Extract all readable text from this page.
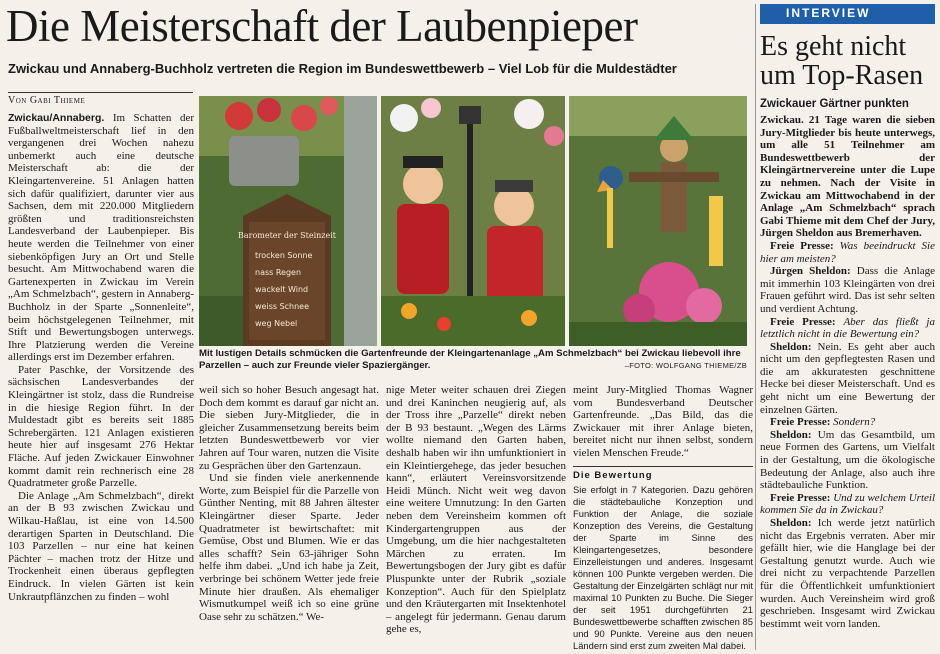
Die Meisterschaft der Laubenpieper
Zwickau und Annaberg-Buchholz vertreten die Region im Bundeswettbewerb – Viel Lob für die Muldestädter
Von Gabi Thieme

Zwickau/Annaberg. Im Schatten der Fußballweltmeisterschaft lief in den vergangenen drei Wochen nahezu unbemerkt auch eine deutsche Meisterschaft ab: die der Kleingartenvereine. 51 Anlagen hatten sich dafür qualifiziert, darunter vier aus Sachsen, dem mit 220.000 Mitgliedern größten und traditionsreichsten Landesverband der Laubenpieper. Bis heute werden die Teilnehmer von einer siebenköpfigen Jury an Ort und Stelle besucht. Am Mittwochabend waren die Gartenexperten in Zwickau im Verein „Am Schmelzbach“, gestern in Annaberg-Buchholz in der Sparte „Sonnenleite“, beim höchstgelegenen Teilnehmer, mit Stift und Bewertungsbogen unterwegs. Ihre Platzierung werden die Vereine allerdings erst im Dezember erfahren.

Pater Paschke, der Vorsitzende des sächsischen Landesverbandes der Kleingärtner ist stolz, dass die Rundreise in die hiesige Region führt. In der Muldestadt gibt es bereits seit 1885 Schrebergärten. 121 Anlagen existieren heute hier auf insgesamt 276 Hektar Fläche. Auf jeden Zwickauer Einwohner kommt damit rein rechnerisch eine 28 Quadratmeter große Parzelle.

Die Anlage „Am Schmelzbach“, direkt an der B 93 zwischen Zwickau und Wilkau-Haßlau, ist eine von 14.500 derartigen Sparten in Deutschland. Die 103 Parzellen – nur eine hat keinen Pächter – machen trotz der Hitze und Trockenheit einen überaus gepflegten Eindruck. In vielen Gärten ist kein Unkrautpflänzchen zu finden – wohl

Barometer der Steinzeit
trocken Sonne
nass Regen
wackelt Wind
weiss Schnee
weg Nebel
Mit lustigen Details schmücken die Gartenfreunde der Kleingartenanlage „Am Schmelzbach“ bei Zwickau liebevoll ihre Parzellen – auch zur Freunde vieler Spaziergänger.	–FOTO: WOLFGANG THIEME/ZB

weil sich so hoher Besuch angesagt hat. Doch dem kommt es darauf gar nicht an. Die sieben Jury-Mitglieder, die in gleicher Zusammensetzung bereits beim letzten Bundeswettbewerb vor vier Jahren auf Tour waren, nutzen die Visite zu Gesprächen über den Gartenzaun.

Und sie finden viele anerkennende Worte, zum Beispiel für die Parzelle von Günther Nenting, mit 88 Jahren ältester Kleingärtner dieser Sparte. Jeder Quadratmeter ist bewirtschaftet: mit Gemüse, Obst und Blumen. Wie er das alles schafft? Sein 63-jähriger Sohn helfe ihm dabei. „Und ich habe ja Zeit, verbringe bei schönem Wetter jede freie Minute hier draußen. Als ehemaliger Wismutkumpel weiß ich so eine grüne Oase sehr zu schätzen.“ We-

nige Meter weiter schauen drei Ziegen und drei Kaninchen neugierig auf, als der Tross ihre „Parzelle“ direkt neben der B 93 bestaunt. „Wegen des Lärms wollte niemand den Garten haben, deshalb haben wir ihn umfunktioniert in ein Kleintiergehege, das jeder besuchen kann“, erläutert Vereinsvorsitzende Heidi Münch. Nicht weit weg davon eine weitere Umnutzung: In den Garten neben dem Vereinsheim kommen oft Kindergartengruppen aus der Umgebung, um die hier nachgestalteten Märchen zu erraten. Im Bewertungsbogen der Jury gibt es dafür Pluspunkte unter der Rubrik „soziale Konzeption“. Auch für den Spielplatz und den Kräutergarten mit Insektenhotel – angelegt für jedermann. Genau darum gehe es,

meint Jury-Mitglied Thomas Wagner vom Bundesverband Deutscher Gartenfreunde. „Das Bild, das die Zwickauer mit ihrer Anlage bieten, bereitet nicht nur ihnen selbst, sondern vielen Menschen Freude.“

Die Bewertung
Sie erfolgt in 7 Kategorien. Dazu gehören die städtebauliche Konzeption und Funktion der Anlage, die soziale Konzeption des Vereins, die Gestaltung der Sparte im Sinne des Kleingartengesetzes, besondere Einzelleistungen und anderes. Insgesamt können 100 Punkte vergeben werden. Die Gestaltung der Einzelgärten schlägt nur mit maximal 10 Punkten zu Buche. Die Sieger der seit 1951 durchgeführten 21 Bundeswettbewerbe schafften zwischen 85 und 90 Punkte. Vereine aus den neuen Ländern sind erst zum zweiten Mal dabei.
INTERVIEW
Es geht nicht um Top-Rasen
Zwickauer Gärtner punkten

Zwickau. 21 Tage waren die sieben Jury-Mitglieder bis heute unterwegs, um alle 51 Teilnehmer am Bundeswettbewerb der Kleingärtnervereine unter die Lupe zu nehmen. Nach der Visite in Zwickau am Mittwochabend in der Anlage „Am Schmelzbach“ sprach Gabi Thieme mit dem Chef der Jury, Jürgen Sheldon aus Bremerhaven.

Freie Presse: Was beeindruckt Sie hier am meisten?

Jürgen Sheldon: Dass die Anlage mit immerhin 103 Kleingärten von drei Frauen geführt wird. Das ist sehr selten und verdient Achtung.

Freie Presse: Aber das fließt ja letztlich nicht in die Bewertung ein?

Sheldon: Nein. Es geht aber auch nicht um den gepflegtesten Rasen und die am akkuratesten geschnittene Hecke bei dieser Meisterschaft. Und es geht nicht um eine Bewertung der einzelnen Gärten.

Freie Presse: Sondern?

Sheldon: Um das Gesamtbild, um neue Formen des Gartens, um Vielfalt in der Gestaltung, um die ökologische Bedeutung der Anlage, also auch ihre städtebauliche Funktion.

Freie Presse: Und zu welchem Urteil kommen Sie da in Zwickau?

Sheldon: Ich werde jetzt natürlich nicht das Ergebnis verraten. Aber mir gefällt hier, wie die Hanglage bei der Gestaltung genutzt wurde. Auch wie drei nicht zu verpachtende Parzellen für die Öffentlichkeit umfunktioniert wurden. Auch Vereinsheim wird groß geschrieben. Insgesamt wird Zwickau bestimmt weit vorn landen.
